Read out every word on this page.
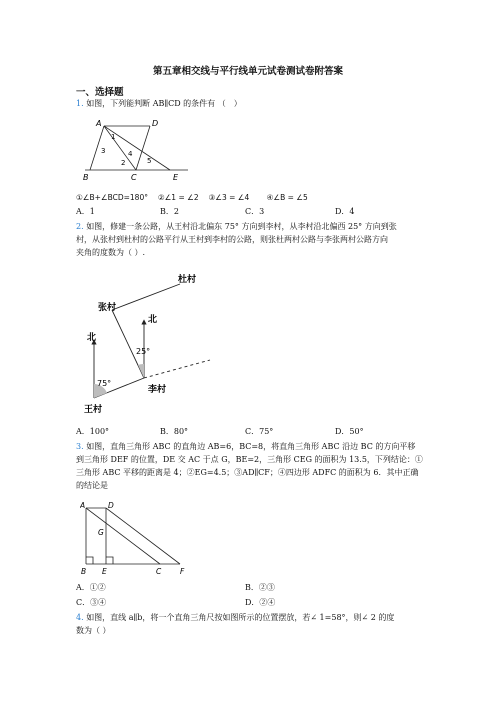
第五章相交线与平行线单元试卷测试卷附答案
一、选择题
1. 如图，下列能判断 AB∥CD 的条件有 （　）
A	D
B	C	E
1
2
3	4
5
①∠B+∠BCD=180° 　②∠1 = ∠2 　③∠3 = ∠4 　　④∠B = ∠5
A．1	B．2	C．3	D．4
2. 如图，修建一条公路，从王村沿北偏东 75° 方向到李村，从李村沿北偏西 25° 方向到张
村，从张村到杜村的公路平行从王村到李村的公路，则张杜两村公路与李张两村公路方向
夹角的度数为（ ）.
杜村
张村
北
北
25°
75°
李村
王村
A．100°	B．80°	C．75°	D．50°
3. 如图，直角三角形 ABC 的直角边 AB=6，BC=8，将直角三角形 ABC 沿边 BC 的方向平移
到三角形 DEF 的位置，DE 交 AC 于点 G，BE=2，三角形 CEG 的面积为 13.5，下列结论：①
三角形 ABC 平移的距离是 4；②EG=4.5；③AD∥CF；④四边形 ADFC 的面积为 6．其中正确
的结论是
A	D
G
B E	C	F
A．①②	B．②③
C．③④	D．②④
4. 如图，直线 a∥b，将一个直角三角尺按如图所示的位置摆放，若∠ 1=58°，则∠ 2 的度
数为（ ）
